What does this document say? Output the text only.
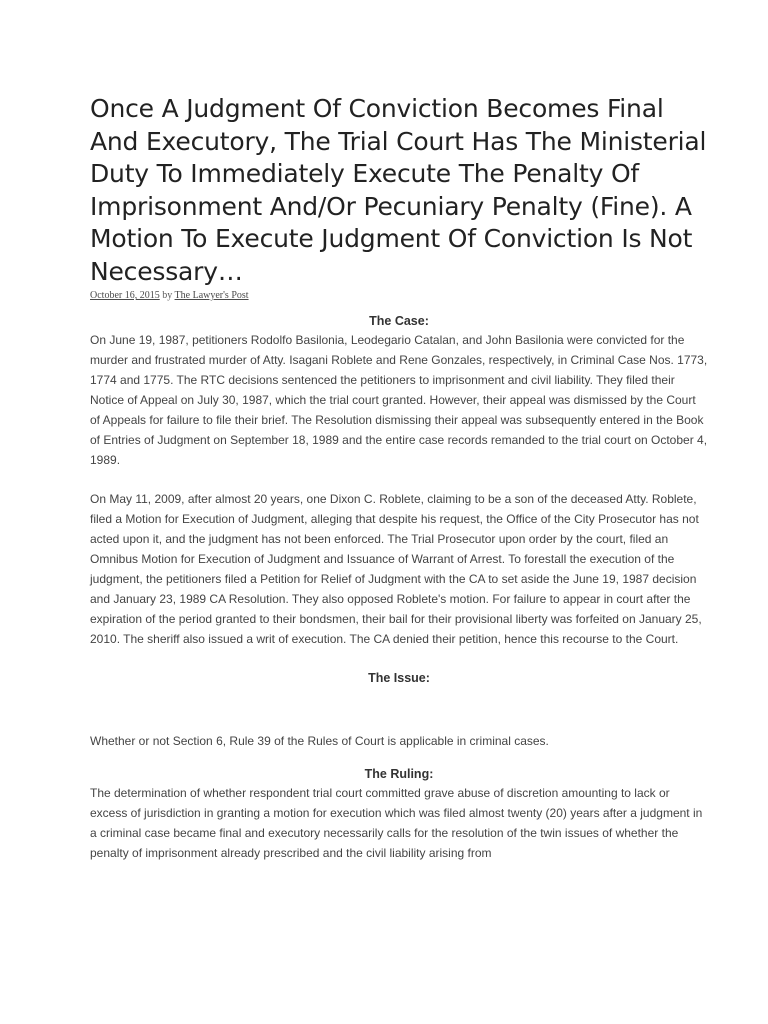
Once A Judgment Of Conviction Becomes Final And Executory, The Trial Court Has The Ministerial Duty To Immediately Execute The Penalty Of Imprisonment And/Or Pecuniary Penalty (Fine). A Motion To Execute Judgment Of Conviction Is Not Necessary…
October 16, 2015 by The Lawyer's Post
The Case:

On June 19, 1987, petitioners Rodolfo Basilonia, Leodegario Catalan, and John Basilonia were convicted for the murder and frustrated murder of Atty. Isagani Roblete and Rene Gonzales, respectively, in Criminal Case Nos. 1773, 1774 and 1775. The RTC decisions sentenced the petitioners to imprisonment and civil liability. They filed their Notice of Appeal on July 30, 1987, which the trial court granted. However, their appeal was dismissed by the Court of Appeals for failure to file their brief. The Resolution dismissing their appeal was subsequently entered in the Book of Entries of Judgment on September 18, 1989 and the entire case records remanded to the trial court on October 4, 1989.

On May 11, 2009, after almost 20 years, one Dixon C. Roblete, claiming to be a son of the deceased Atty. Roblete, filed a Motion for Execution of Judgment, alleging that despite his request, the Office of the City Prosecutor has not acted upon it, and the judgment has not been enforced. The Trial Prosecutor upon order by the court, filed an Omnibus Motion for Execution of Judgment and Issuance of Warrant of Arrest. To forestall the execution of the judgment, the petitioners filed a Petition for Relief of Judgment with the CA to set aside the June 19, 1987 decision and January 23, 1989 CA Resolution. They also opposed Roblete's motion. For failure to appear in court after the expiration of the period granted to their bondsmen, their bail for their provisional liberty was forfeited on January 25, 2010. The sheriff also issued a writ of execution. The CA denied their petition, hence this recourse to the Court.

The Issue:

Whether or not Section 6, Rule 39 of the Rules of Court is applicable in criminal cases.

The Ruling:

The determination of whether respondent trial court committed grave abuse of discretion amounting to lack or excess of jurisdiction in granting a motion for execution which was filed almost twenty (20) years after a judgment in a criminal case became final and executory necessarily calls for the resolution of the twin issues of whether the penalty of imprisonment already prescribed and the civil liability arising from
